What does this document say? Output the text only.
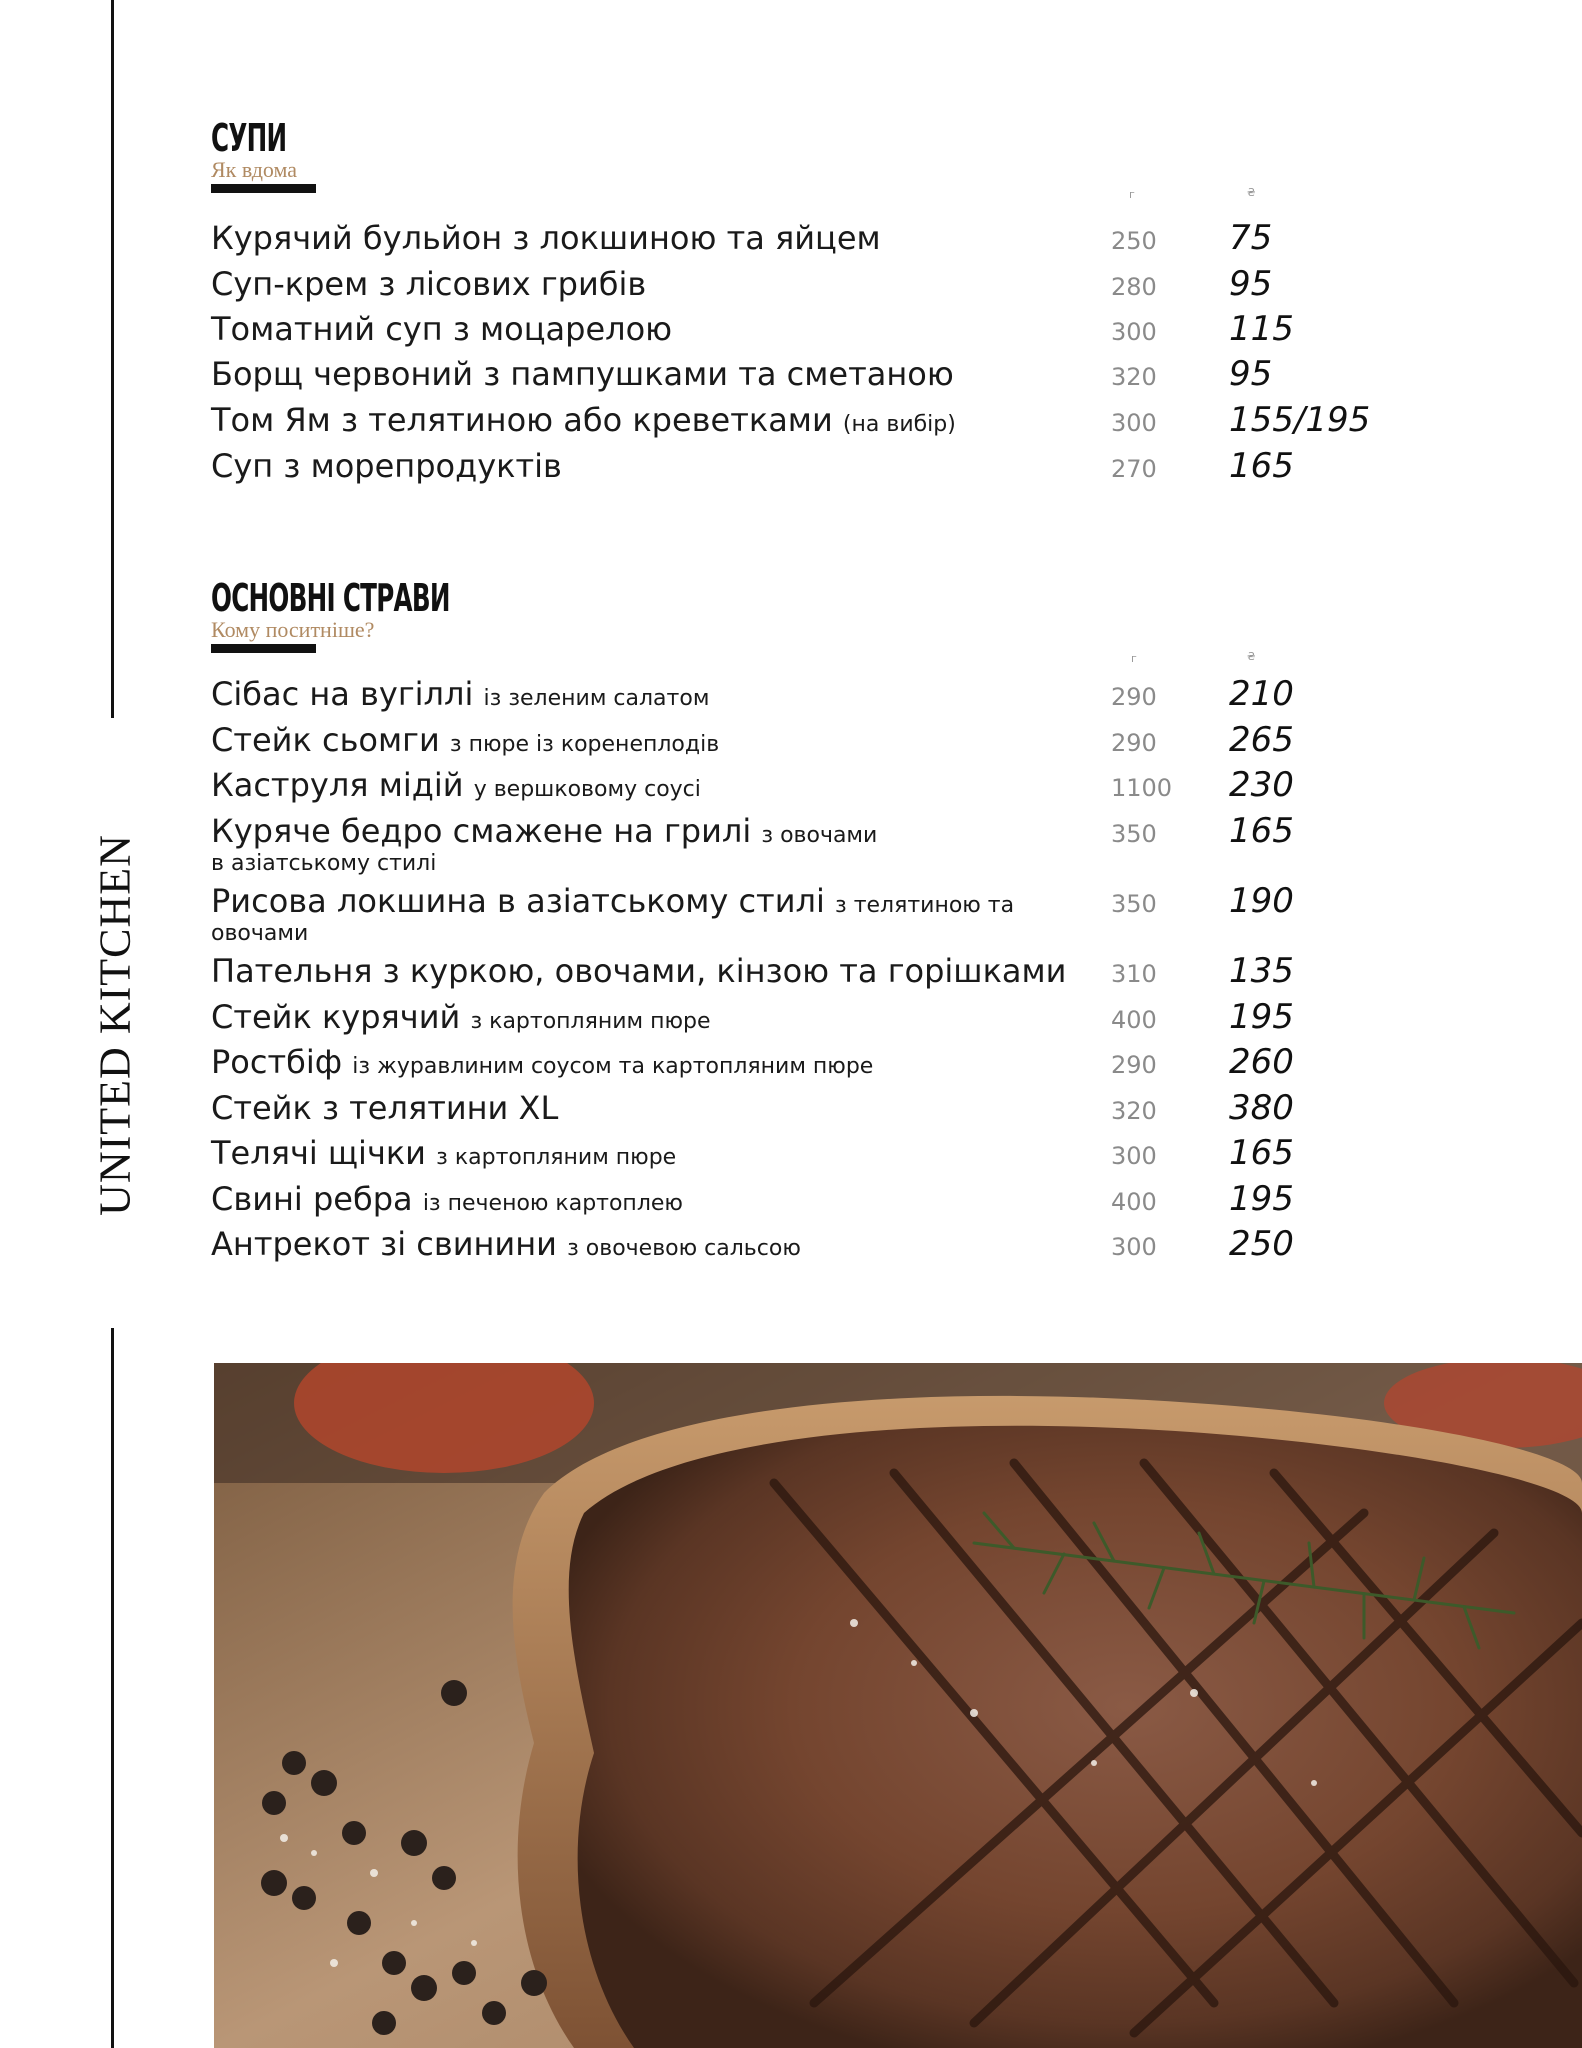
UNITED KITCHEN
СУПИ
Як вдома
г	₴
Курячий бульйон з локшиною та яйцем	250 75
Суп-крем з лісових грибів	280 95
Томатний суп з моцарелою	300 115
Борщ червоний з пампушками та сметаною	320 95
Том Ям з телятиною або креветками (на вибір)	300 155/195
Суп з морепродуктів	270 165
ОСНОВНІ СТРАВИ
Кому поситніше?
г	₴
Сібас на вугіллі із зеленим салатом	290 210
Стейк сьомги з пюре із коренеплодів	290 265
Каструля мідій у вершковому соусі	1100 230
Куряче бедро смажене на грилі з овочами
в азіатському стилі
350 165
Рисова локшина в азіатському стилі з телятиною та
овочами
350 190
Пательня з куркою, овочами, кінзою та горішками 310 135
Стейк курячий з картопляним пюре	400 195
Ростбіф із журавлиним соусом та картопляним пюре	290 260
Стейк з телятини XL	320 380
Телячі щічки з картопляним пюре	300 165
Свині ребра із печеною картоплею	400 195
Антрекот зі свинини з овочевою сальсою	300 250
